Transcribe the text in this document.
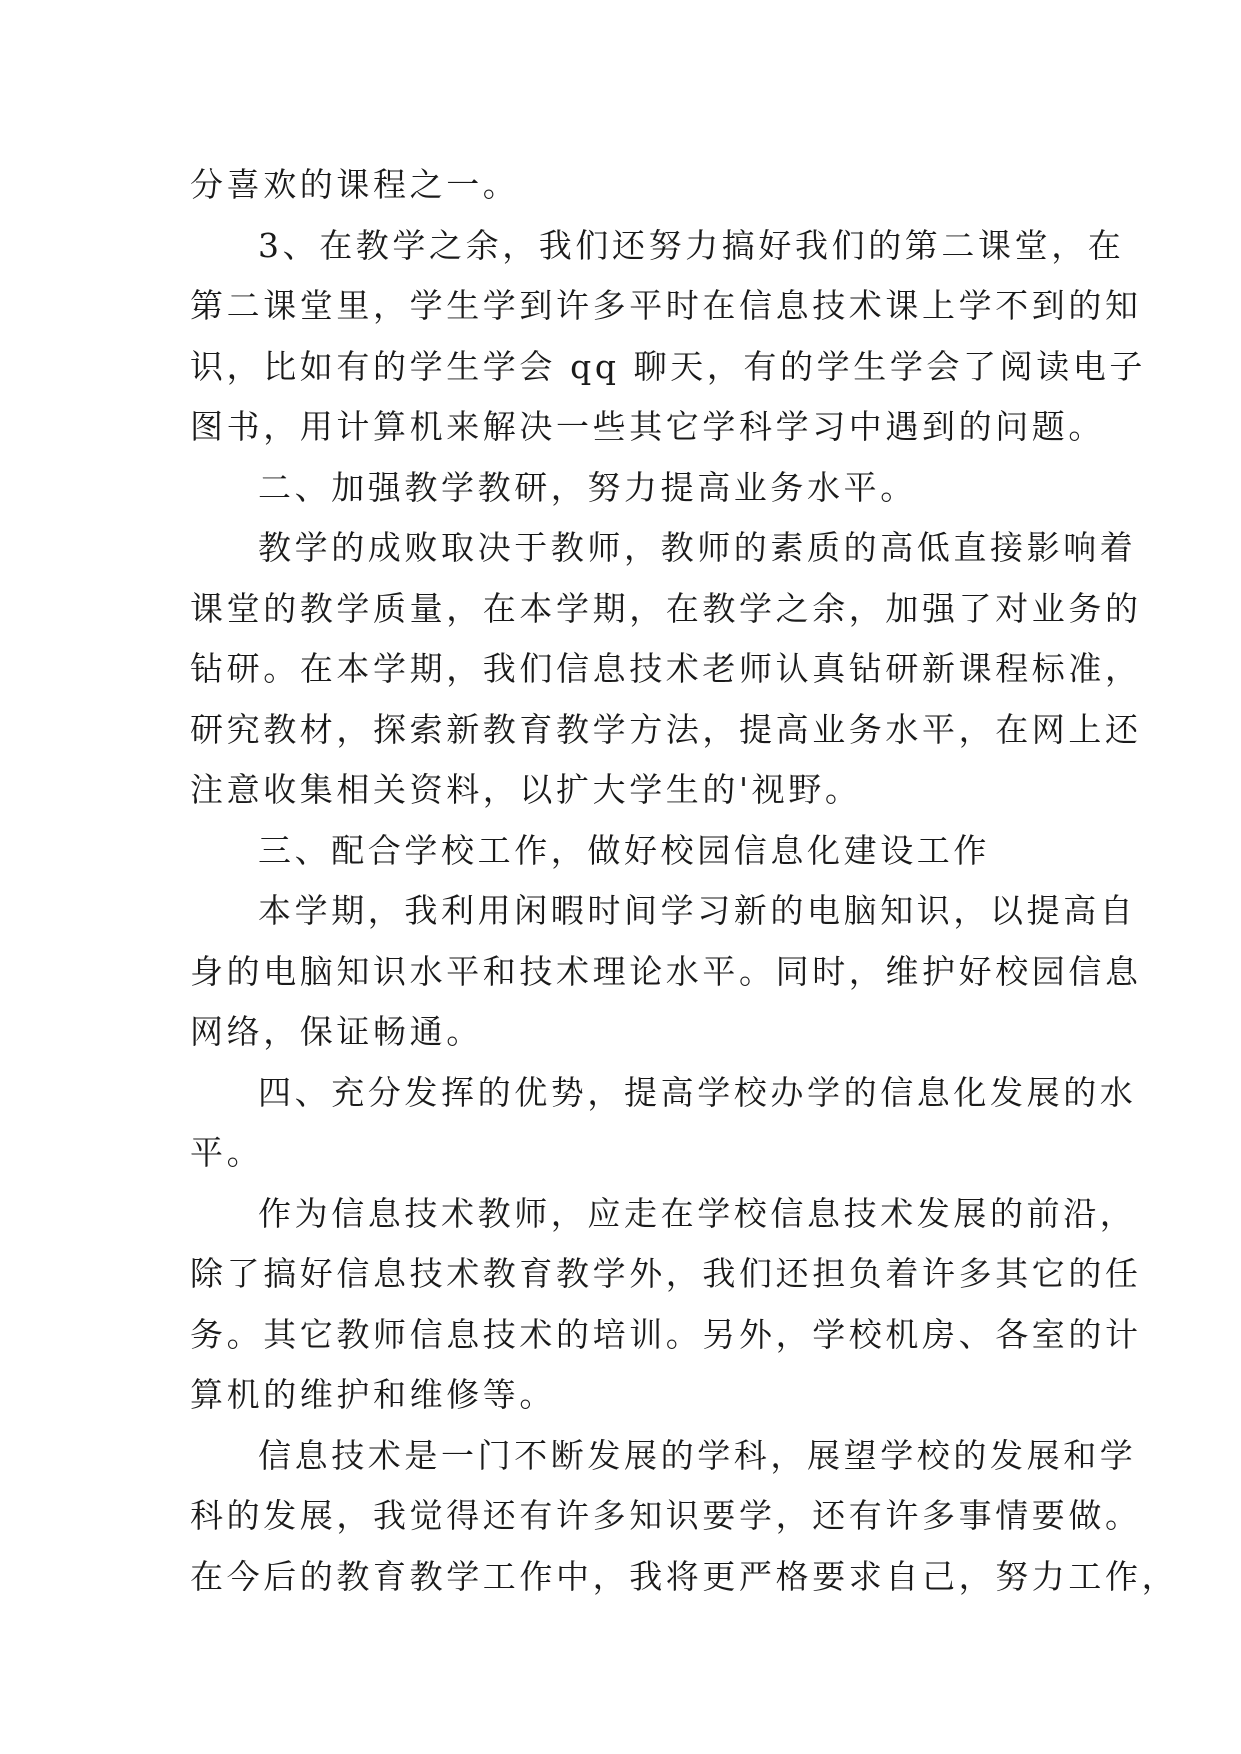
分喜欢的课程之一。
3、在教学之余，我们还努力搞好我们的第二课堂，在
第二课堂里，学生学到许多平时在信息技术课上学不到的知
识，比如有的学生学会 qq 聊天，有的学生学会了阅读电子
图书，用计算机来解决一些其它学科学习中遇到的问题。
二、加强教学教研，努力提高业务水平。
教学的成败取决于教师，教师的素质的高低直接影响着
课堂的教学质量，在本学期，在教学之余，加强了对业务的
钻研。在本学期，我们信息技术老师认真钻研新课程标准，
研究教材，探索新教育教学方法，提高业务水平，在网上还
注意收集相关资料，以扩大学生的'视野。
三、配合学校工作，做好校园信息化建设工作
本学期，我利用闲暇时间学习新的电脑知识，以提高自
身的电脑知识水平和技术理论水平。同时，维护好校园信息
网络，保证畅通。
四、充分发挥的优势，提高学校办学的信息化发展的水
平。
作为信息技术教师，应走在学校信息技术发展的前沿，
除了搞好信息技术教育教学外，我们还担负着许多其它的任
务。其它教师信息技术的培训。另外，学校机房、各室的计
算机的维护和维修等。
信息技术是一门不断发展的学科，展望学校的发展和学
科的发展，我觉得还有许多知识要学，还有许多事情要做。
在今后的教育教学工作中，我将更严格要求自己，努力工作，
